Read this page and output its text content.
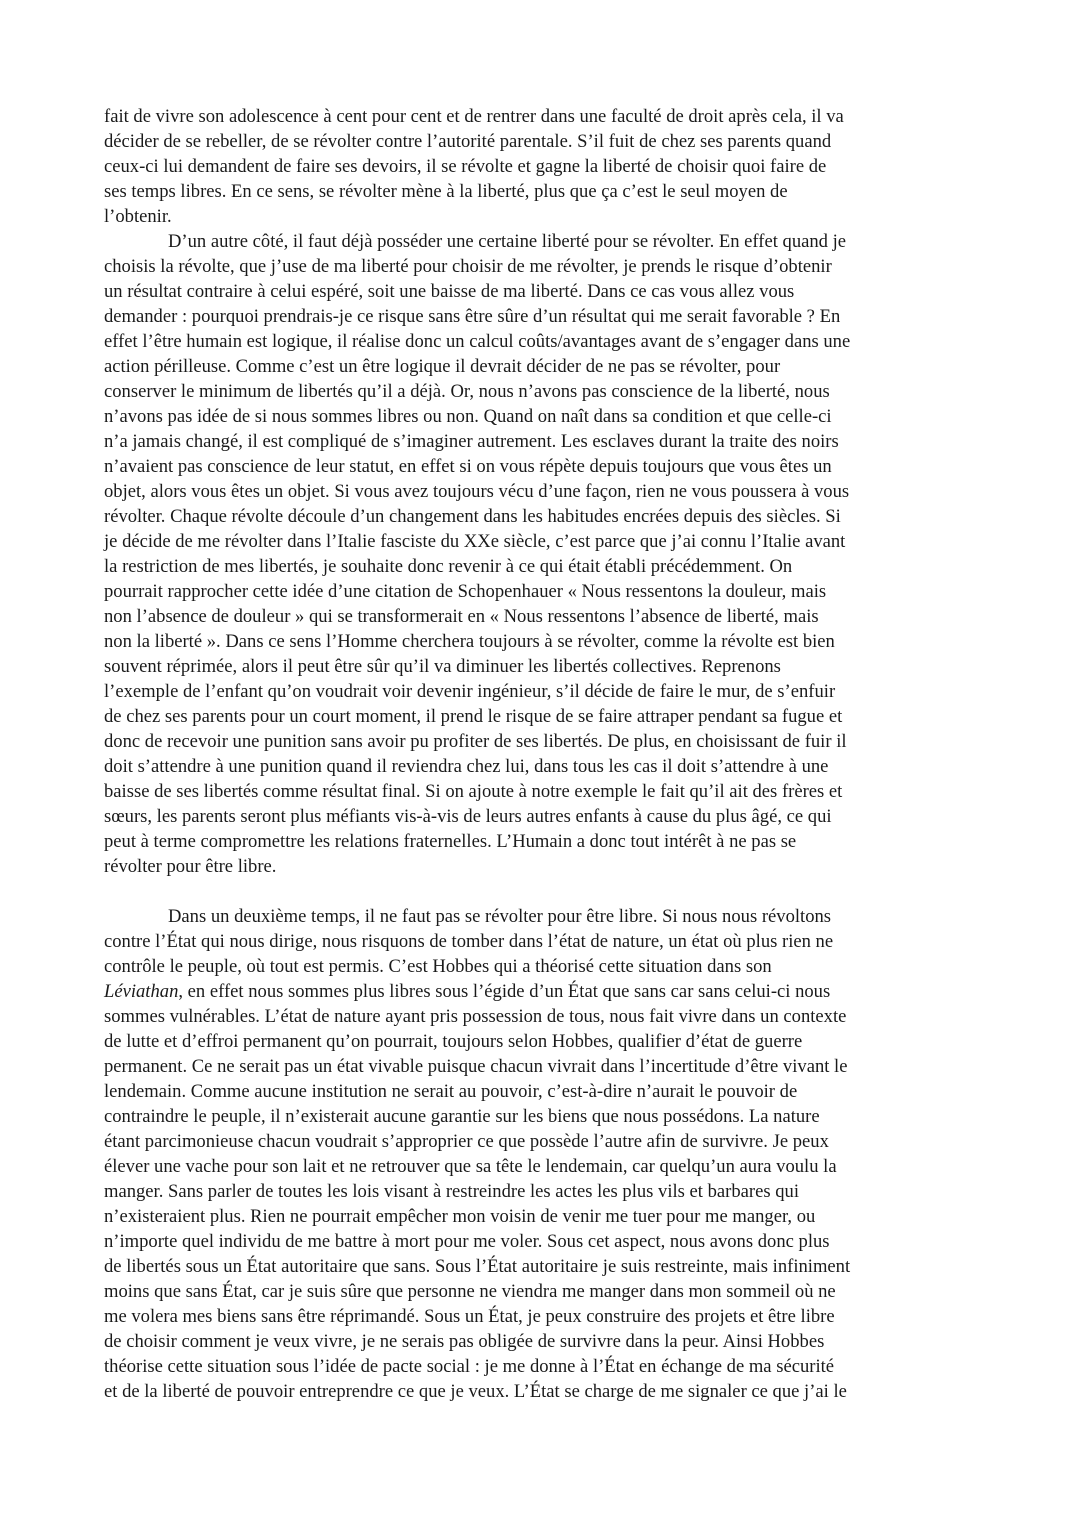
fait de vivre son adolescence à cent pour cent et de rentrer dans une faculté de droit après cela, il va
décider de se rebeller, de se révolter contre l’autorité parentale. S’il fuit de chez ses parents quand
ceux-ci lui demandent de faire ses devoirs, il se révolte et gagne la liberté de choisir quoi faire de
ses temps libres. En ce sens, se révolter mène à la liberté, plus que ça c’est le seul moyen de
l’obtenir.

D’un autre côté, il faut déjà posséder une certaine liberté pour se révolter. En effet quand je
choisis la révolte, que j’use de ma liberté pour choisir de me révolter, je prends le risque d’obtenir
un résultat contraire à celui espéré, soit une baisse de ma liberté. Dans ce cas vous allez vous
demander : pourquoi prendrais-je ce risque sans être sûre d’un résultat qui me serait favorable ? En
effet l’être humain est logique, il réalise donc un calcul coûts/avantages avant de s’engager dans une
action périlleuse. Comme c’est un être logique il devrait décider de ne pas se révolter, pour
conserver le minimum de libertés qu’il a déjà. Or, nous n’avons pas conscience de la liberté, nous
n’avons pas idée de si nous sommes libres ou non. Quand on naît dans sa condition et que celle-ci
n’a jamais changé, il est compliqué de s’imaginer autrement. Les esclaves durant la traite des noirs
n’avaient pas conscience de leur statut, en effet si on vous répète depuis toujours que vous êtes un
objet, alors vous êtes un objet. Si vous avez toujours vécu d’une façon, rien ne vous poussera à vous
révolter. Chaque révolte découle d’un changement dans les habitudes encrées depuis des siècles. Si
je décide de me révolter dans l’Italie fasciste du XXe siècle, c’est parce que j’ai connu l’Italie avant
la restriction de mes libertés, je souhaite donc revenir à ce qui était établi précédemment. On
pourrait rapprocher cette idée d’une citation de Schopenhauer « Nous ressentons la douleur, mais
non l’absence de douleur » qui se transformerait en « Nous ressentons l’absence de liberté, mais
non la liberté ». Dans ce sens l’Homme cherchera toujours à se révolter, comme la révolte est bien
souvent réprimée, alors il peut être sûr qu’il va diminuer les libertés collectives. Reprenons
l’exemple de l’enfant qu’on voudrait voir devenir ingénieur, s’il décide de faire le mur, de s’enfuir
de chez ses parents pour un court moment, il prend le risque de se faire attraper pendant sa fugue et
donc de recevoir une punition sans avoir pu profiter de ses libertés. De plus, en choisissant de fuir il
doit s’attendre à une punition quand il reviendra chez lui, dans tous les cas il doit s’attendre à une
baisse de ses libertés comme résultat final. Si on ajoute à notre exemple le fait qu’il ait des frères et
sœurs, les parents seront plus méfiants vis-à-vis de leurs autres enfants à cause du plus âgé, ce qui
peut à terme compromettre les relations fraternelles. L’Humain a donc tout intérêt à ne pas se
révolter pour être libre.

Dans un deuxième temps, il ne faut pas se révolter pour être libre. Si nous nous révoltons
contre l’État qui nous dirige, nous risquons de tomber dans l’état de nature, un état où plus rien ne
contrôle le peuple, où tout est permis. C’est Hobbes qui a théorisé cette situation dans son
Léviathan, en effet nous sommes plus libres sous l’égide d’un État que sans car sans celui-ci nous
sommes vulnérables. L’état de nature ayant pris possession de tous, nous fait vivre dans un contexte
de lutte et d’effroi permanent qu’on pourrait, toujours selon Hobbes, qualifier d’état de guerre
permanent. Ce ne serait pas un état vivable puisque chacun vivrait dans l’incertitude d’être vivant le
lendemain. Comme aucune institution ne serait au pouvoir, c’est-à-dire n’aurait le pouvoir de
contraindre le peuple, il n’existerait aucune garantie sur les biens que nous possédons. La nature
étant parcimonieuse chacun voudrait s’approprier ce que possède l’autre afin de survivre. Je peux
élever une vache pour son lait et ne retrouver que sa tête le lendemain, car quelqu’un aura voulu la
manger. Sans parler de toutes les lois visant à restreindre les actes les plus vils et barbares qui
n’existeraient plus. Rien ne pourrait empêcher mon voisin de venir me tuer pour me manger, ou
n’importe quel individu de me battre à mort pour me voler. Sous cet aspect, nous avons donc plus
de libertés sous un État autoritaire que sans. Sous l’État autoritaire je suis restreinte, mais infiniment
moins que sans État, car je suis sûre que personne ne viendra me manger dans mon sommeil où ne
me volera mes biens sans être réprimandé. Sous un État, je peux construire des projets et être libre
de choisir comment je veux vivre, je ne serais pas obligée de survivre dans la peur. Ainsi Hobbes
théorise cette situation sous l’idée de pacte social : je me donne à l’État en échange de ma sécurité
et de la liberté de pouvoir entreprendre ce que je veux. L’État se charge de me signaler ce que j’ai le
